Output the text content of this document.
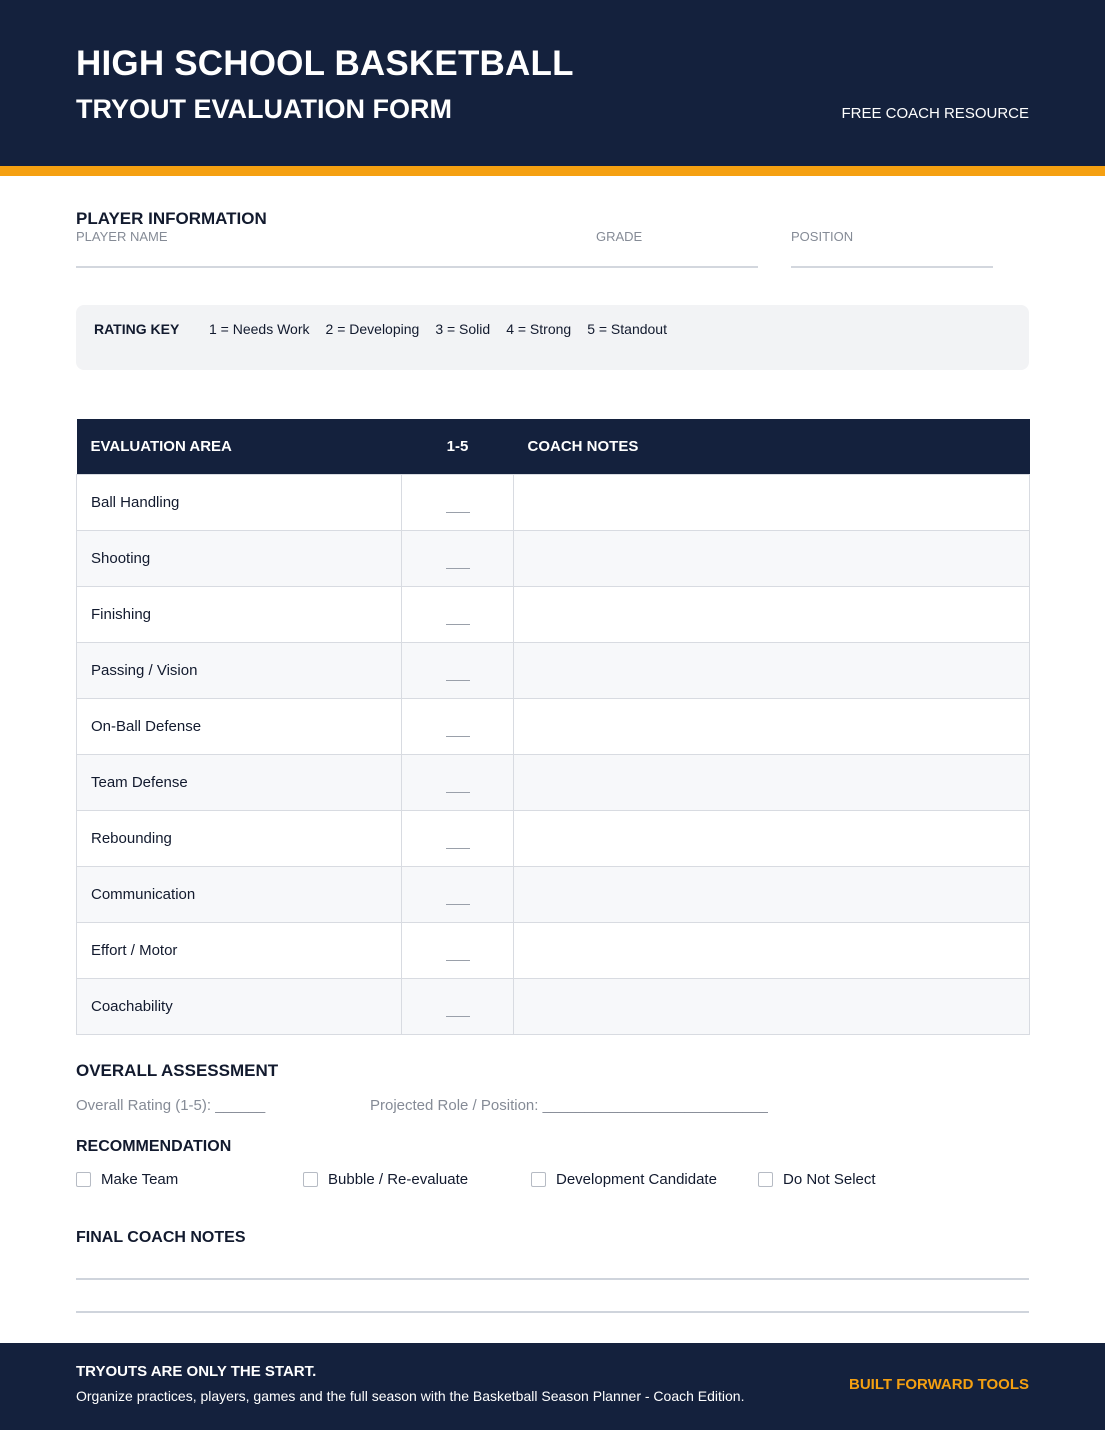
HIGH SCHOOL BASKETBALL
TRYOUT EVALUATION FORM	FREE COACH RESOURCE
PLAYER INFORMATION
PLAYER NAME	GRADE	POSITION
RATING KEY 1 = Needs Work 2 = Developing 3 = Solid 4 = Strong 5 = Standout
EVALUATION AREA	1-5	COACH NOTES
Ball Handling		
Shooting		
Finishing		
Passing / Vision		
On-Ball Defense		
Team Defense		
Rebounding		
Communication		
Effort / Motor		
Coachability		
OVERALL ASSESSMENT
Overall Rating (1-5): ______	Projected Role / Position: ___________________________
RECOMMENDATION
Make Team	Bubble / Re-evaluate	Development Candidate	Do Not Select
FINAL COACH NOTES
TRYOUTS ARE ONLY THE START.
Organize practices, players, games and the full season with the Basketball Season Planner - Coach Edition.
BUILT FORWARD TOOLS
